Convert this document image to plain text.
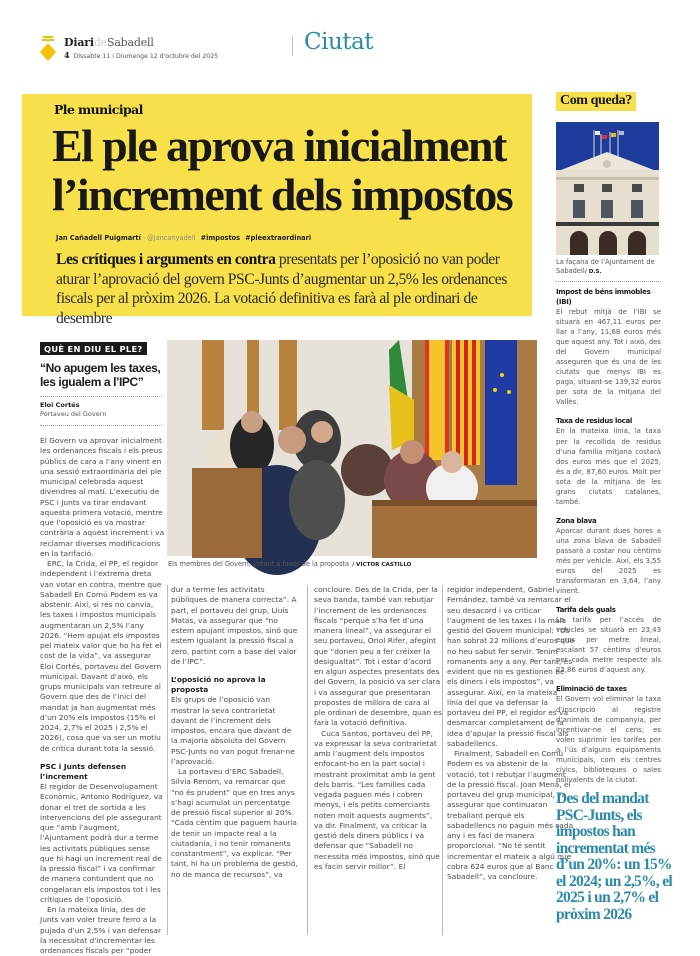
DiarideSabadell
4 Dissabte 11 i Diumenge 12 d'octubre del 2025
Ciutat
Ple municipal
El ple aprova inicialment l’increment dels impostos
Jan Cañadell Puigmartí · @jancanyadell #impostos #pleextraordinari

Les crítiques i arguments en contra presentats per l’oposició no van poder aturar l’aprovació del govern PSC-Junts d’augmentar un 2,5% les ordenances fiscals per al pròxim 2026. La votació definitiva es farà al ple ordinari de desembre

QUÈ EN DIU EL PLE?
“No apugem les taxes, les igualem a l’IPC”
Eloi Cortés
Portaveu del Govern
Els membres del Govern, votant a favor de la proposta / VÍCTOR CASTILLO

El Govern va aprovar inicialment les ordenances fiscals i els preus públics de cara a l’any vinent en una sessió extraordinària del ple municipal celebrada aquest divendres al matí. L’executiu de PSC i Junts va tirar endavant aquesta primera votació, mentre que l’oposició es va mostrar contrària a aquest increment i va reclamar diverses modificacions en la tarifació.

ERC, la Crida, el PP, el regidor independent i l’extrema dreta van votar en contra, mentre que Sabadell En Comú Podem es va abstenir. Així, si res no canvia, les taxes i impostos municipals augmentaran un 2,5% l’any 2026. “Hem apujat els impostos pel mateix valor que ho ha fet el cost de la vida”, va assegurar Eloi Cortés, portaveu del Govern municipal. Davant d’això, els grups municipals van retreure al Govern que des de l’inici del mandat ja han augmentat més d’un 20% els impostos (15% el 2024, 2,7% el 2025 i 2,5% el 2026), cosa que va ser un motiu de crítica durant tota la sessió.

PSC i Junts defensen l’increment

El regidor de Desenvolupament Econòmic, Antonio Rodríguez, va donar el tret de sortida a les intervencions del ple assegurant que “amb l’augment, l’Ajuntament podrà dur a terme les activitats públiques sense que hi hagi un increment real de la pressió fiscal” i va confirmar de manera contundent que no congelaran els impostos tot i les crítiques de l’oposició.

En la mateixa línia, des de Junts van voler treure ferro a la pujada d’un 2,5% i van defensar la necessitat d’incrementar les ordenances fiscals per “poder

dur a terme les activitats públiques de manera correcta”. A part, el portaveu del grup, Lluís Matas, va assegurar que “no estem apujant impostos, sinó que estem igualant la pressió fiscal a zero, partint com a base del valor de l’IPC”.

L’oposició no aprova la proposta

Els grups de l’oposició van mostrar la seva contrarietat davant de l’increment dels impostos, encara que davant de la majoria absoluta del Govern PSC-Junts no van pogut frenar-ne l’aprovació.

La portaveu d’ERC Sabadell, Sílvia Renom, va remarcar que “no és prudent” que en tres anys s’hagi acumulat un percentatge de pressió fiscal superior al 20%. “Cada cèntim que paguem hauria de tenir un impacte real a la ciutadania, i no tenir romanents constantment”, va explicar. “Per tant, hi ha un problema de gestió, no de manca de recursos”, va

concloure. Des de la Crida, per la seva banda, també van rebutjar l’increment de les ordenances fiscals “perquè s’ha fet d’una manera lineal”, va assegurar el seu portaveu, Oriol Rifer, afegint que “donen peu a fer créixer la desigualtat”. Tot i estar d’acord en algun aspectes presentats des del Govern, la posició va ser clara i va assegurar que presentaran propostes de millora de cara al ple ordinari de desembre, quan es farà la votació definitiva.

Cuca Santos, portaveu del PP, va expressar la seva contrarietat amb l’augment dels impostos enfocant-ho en la part social i mostrant proximitat amb la gent dels barris. “Les famílies cada vegada paguen més i cobren menys, i els petits comerciants noten molt aquests augments”, va dir. Finalment, va criticar la gestió dels diners públics i va defensar que “Sabadell no necessita més impostos, sinó que es facin servir millor”. El

regidor independent, Gabriel Fernández, també va remarcar el seu desacord i va criticar l’augment de les taxes i la mala gestió del Govern municipal: “Us han sobrat 22 milions d’euros que no heu sabut fer servir. Tenim romanents any a any. Per tant, és evident que no es gestionen bé els diners i els impostos”, va assegurar. Així, en la mateixa línia del que va defensar la portaveu del PP, el regidor es va desmarcar completament de la idea d’apujar la pressió fiscal als sabadellencs.

Finalment, Sabadell en Comú Podem es va abstenir de la votació, tot i rebutjar l’augment de la pressió fiscal. Joan Mena, el portaveu del grup municipal, va assegurar que continuaran treballant perquè els sabadellencs no paguin més cada any i es faci de manera proporcional. “No té sentit incrementar el mateix a algú que cobra 624 euros que al Banc Sabadell”, va concloure.

Com queda?
La façana de l’Ajuntament de Sabadell/ D.S.
Impost de béns immobles (IBI)

El rebut mitjà de l’IBI se situarà en 467,11 euros per llar a l’any, 11,68 euros més que aquest any. Tot i això, des del Govern municipal asseguren que és una de les ciutats que menys IBI es paga, situant-se 139,32 euros per sota de la mitjana del Vallès.

Taxa de residus local

En la mateixa línia, la taxa per la recollida de residus d’una família mitjana costarà dos euros més que el 2025, és a dir, 87,60 euros. Molt per sota de la mitjana de les grans ciutats catalanes, també.

Zona blava

Aparcar durant dues hores a una zona blava de Sabadell passarà a costar nou cèntims més per vehicle. Així, els 3,55 euros del 2025 es transformaran en 3,64, l’any vinent.

Tarifa dels guals

La tarifa per l’accés de vehicles se situarà en 23,43 euros per metre lineal, escalant 57 cèntims d’euros per cada metre respecte als 22,86 euros d’aquest any.

Eliminació de taxes

El Govern vol eliminar la taxa d’inscripció al registre d’animals de companyia, per incentivar-ne el cens; es volen suprimir les tarifes per a l’ús d’alguns equipaments municipals, com els centres cívics, biblioteques o sales polivalents de la ciutat.

Des del mandat PSC-Junts, els impostos han incrementat més d’un 20%: un 15% el 2024; un 2,5%, el 2025 i un 2,7% el pròxim 2026
